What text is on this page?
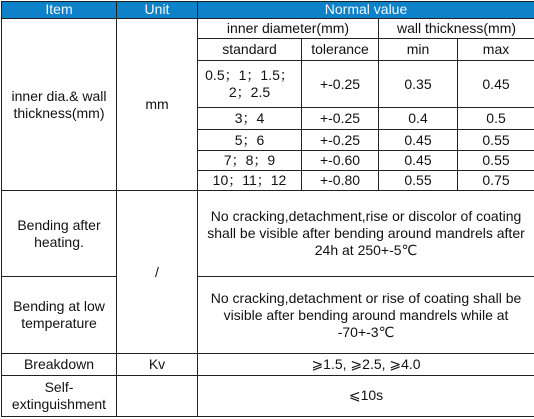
Item	Unit	Normal value			
inner dia.& wall thickness(mm)	mm	inner diameter(mm)		wall thickness(mm)	
		standard	tolerance	min	max
		0.5；1；1.5；2；2.5	+-0.25	0.35	0.45
		3；4	+-0.25	0.4	0.5
		5；6	+-0.25	0.45	0.55
		7；8；9	+-0.60	0.45	0.55
		10；11；12	+-0.80	0.55	0.75
Bending after heating.	/	No cracking,detachment,rise or discolor of coating shall be visible after bending around mandrels after 24h at 250+-5℃			
Bending at low temperature		No cracking,detachment or rise of coating shall be visible after bending around mandrels while at -70+-3℃			
Breakdown	Kv	⩾1.5, ⩾2.5, ⩾4.0			
Self-extinguishment		⩽10s			
